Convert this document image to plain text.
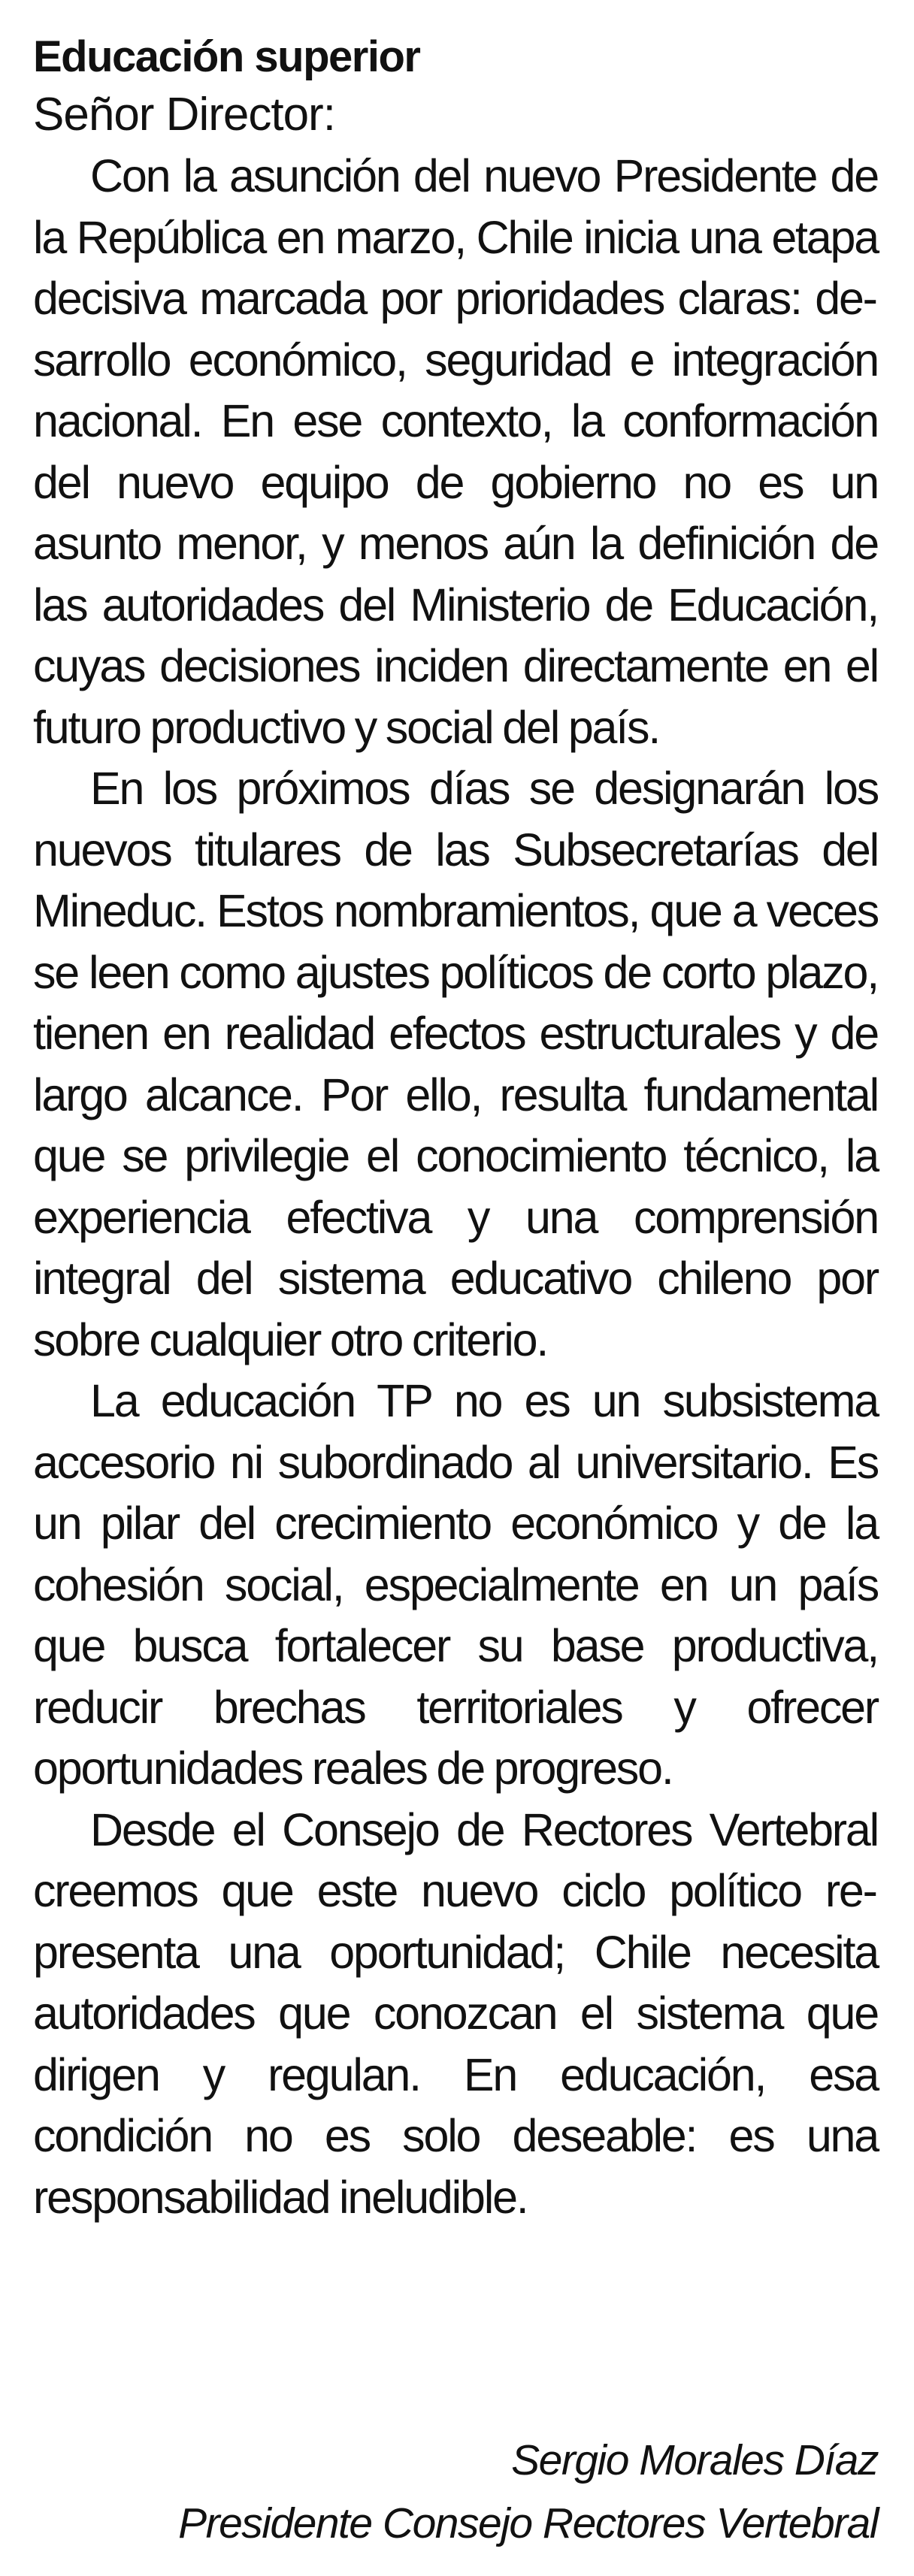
Educación superior

Señor Director:

Con la asunción del nuevo Presidente de la República en marzo, Chile inicia una etapa decisiva marcada por prioridades claras: desarrollo económico, seguridad e integración nacional. En ese contexto, la conformación del nuevo equipo de gobierno no es un asunto menor, y menos aún la definición de las autoridades del Ministerio de Educación, cuyas decisiones inciden directamente en el futuro productivo y social del país.

En los próximos días se designarán los nuevos titulares de las Subsecretarías del Mineduc. Estos nombramientos, que a veces se leen como ajustes políticos de corto plazo, tienen en realidad efectos estructurales y de largo alcance. Por ello, resulta fundamental que se privilegie el conocimiento técnico, la experiencia efectiva y una comprensión integral del sistema educativo chileno por sobre cualquier otro criterio.

La educación TP no es un subsistema accesorio ni subordinado al universitario. Es un pilar del crecimiento económico y de la cohesión social, especialmente en un país que busca fortalecer su base productiva, reducir brechas territoriales y ofrecer oportunidades reales de progreso.

Desde el Consejo de Rectores Vertebral creemos que este nuevo ciclo político representa una oportunidad; Chile necesita autoridades que conozcan el sistema que dirigen y regulan. En educación, esa condición no es solo deseable: es una responsabilidad ineludible.

Sergio Morales Díaz
Presidente Consejo Rectores Vertebral
